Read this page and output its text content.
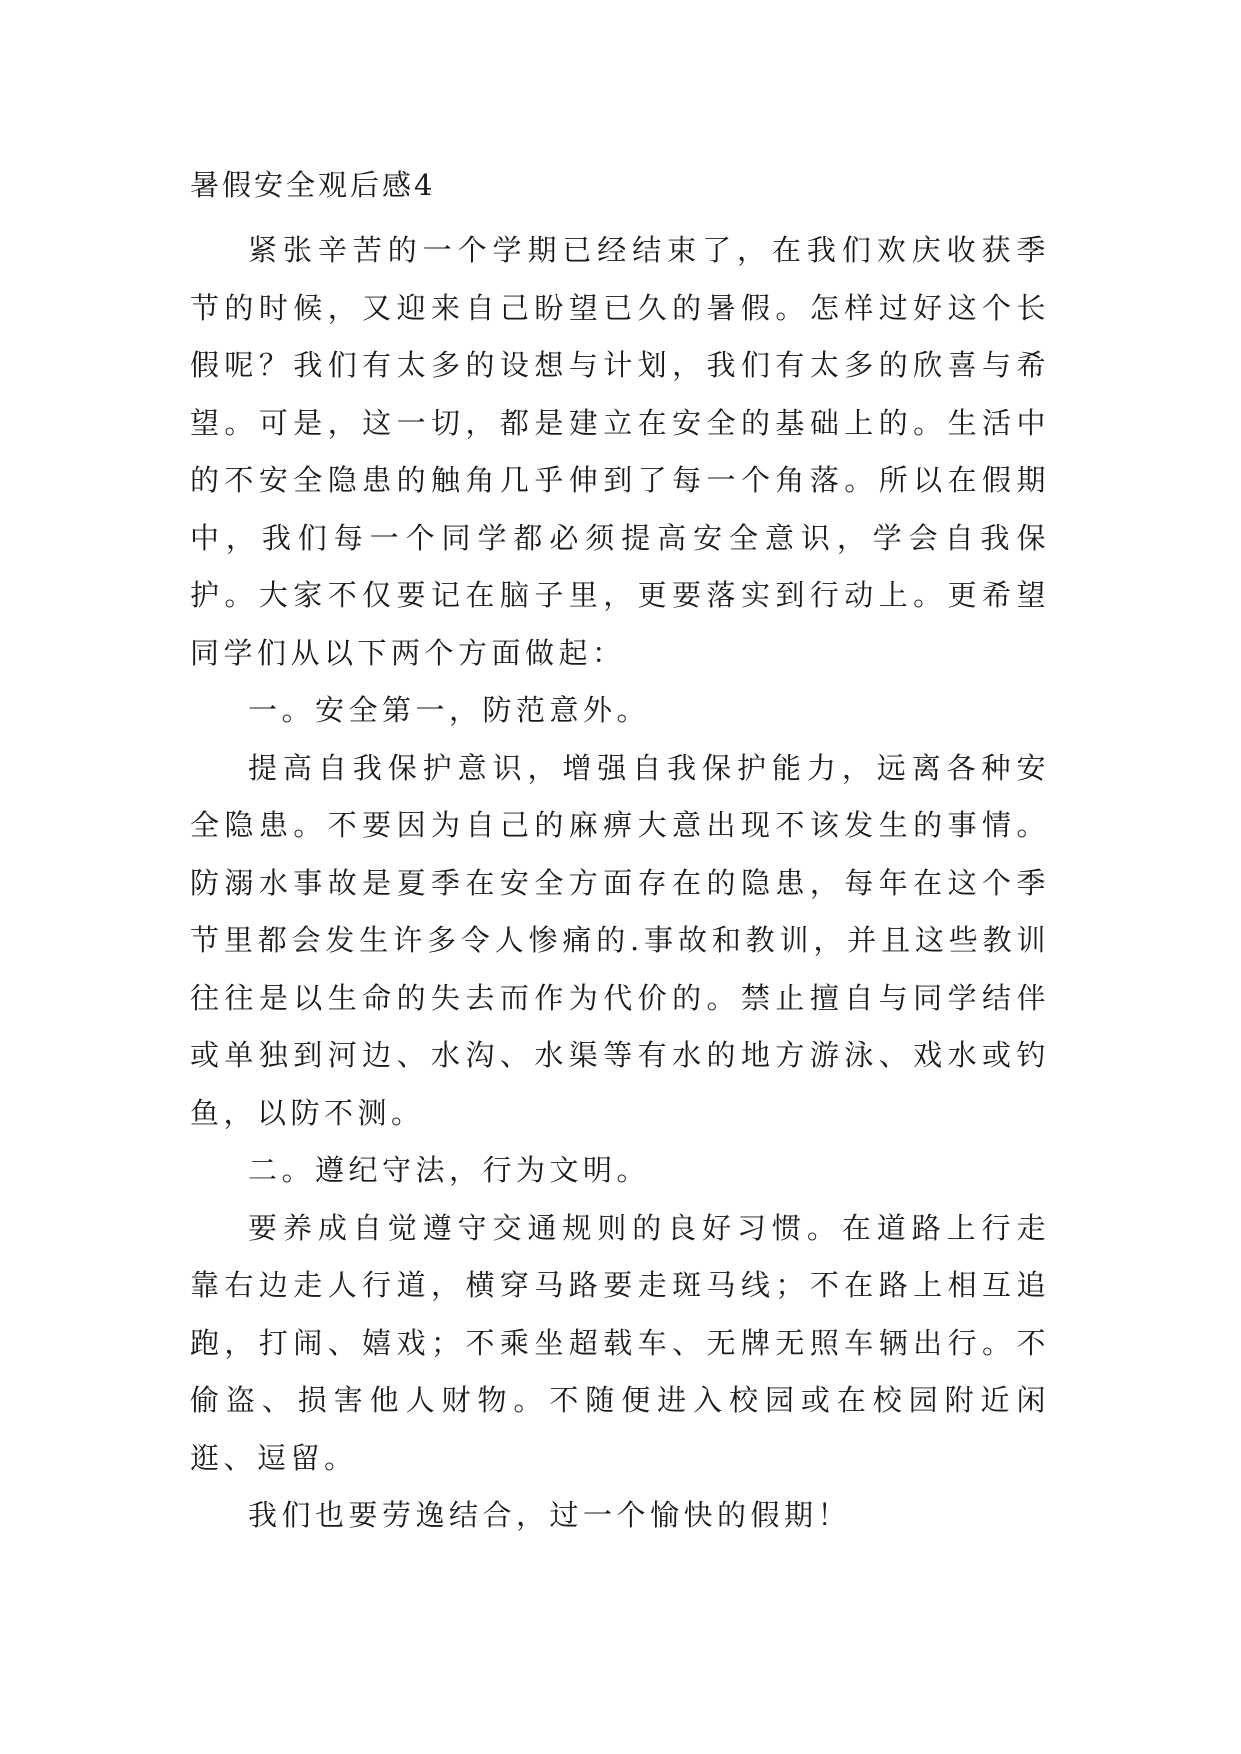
暑假安全观后感4

紧张辛苦的一个学期已经结束了，在我们欢庆收获季节的时候，又迎来自己盼望已久的暑假。怎样过好这个长假呢？我们有太多的设想与计划，我们有太多的欣喜与希望。可是，这一切，都是建立在安全的基础上的。生活中的不安全隐患的触角几乎伸到了每一个角落。所以在假期中，我们每一个同学都必须提高安全意识，学会自我保护。大家不仅要记在脑子里，更要落实到行动上。更希望同学们从以下两个方面做起：

一。安全第一，防范意外。

提高自我保护意识，增强自我保护能力，远离各种安全隐患。不要因为自己的麻痹大意出现不该发生的事情。防溺水事故是夏季在安全方面存在的隐患，每年在这个季节里都会发生许多令人惨痛的.事故和教训，并且这些教训往往是以生命的失去而作为代价的。禁止擅自与同学结伴或单独到河边、水沟、水渠等有水的地方游泳、戏水或钓鱼，以防不测。

二。遵纪守法，行为文明。

要养成自觉遵守交通规则的良好习惯。在道路上行走靠右边走人行道，横穿马路要走斑马线；不在路上相互追跑，打闹、嬉戏；不乘坐超载车、无牌无照车辆出行。不偷盗、损害他人财物。不随便进入校园或在校园附近闲逛、逗留。

我们也要劳逸结合，过一个愉快的假期！
